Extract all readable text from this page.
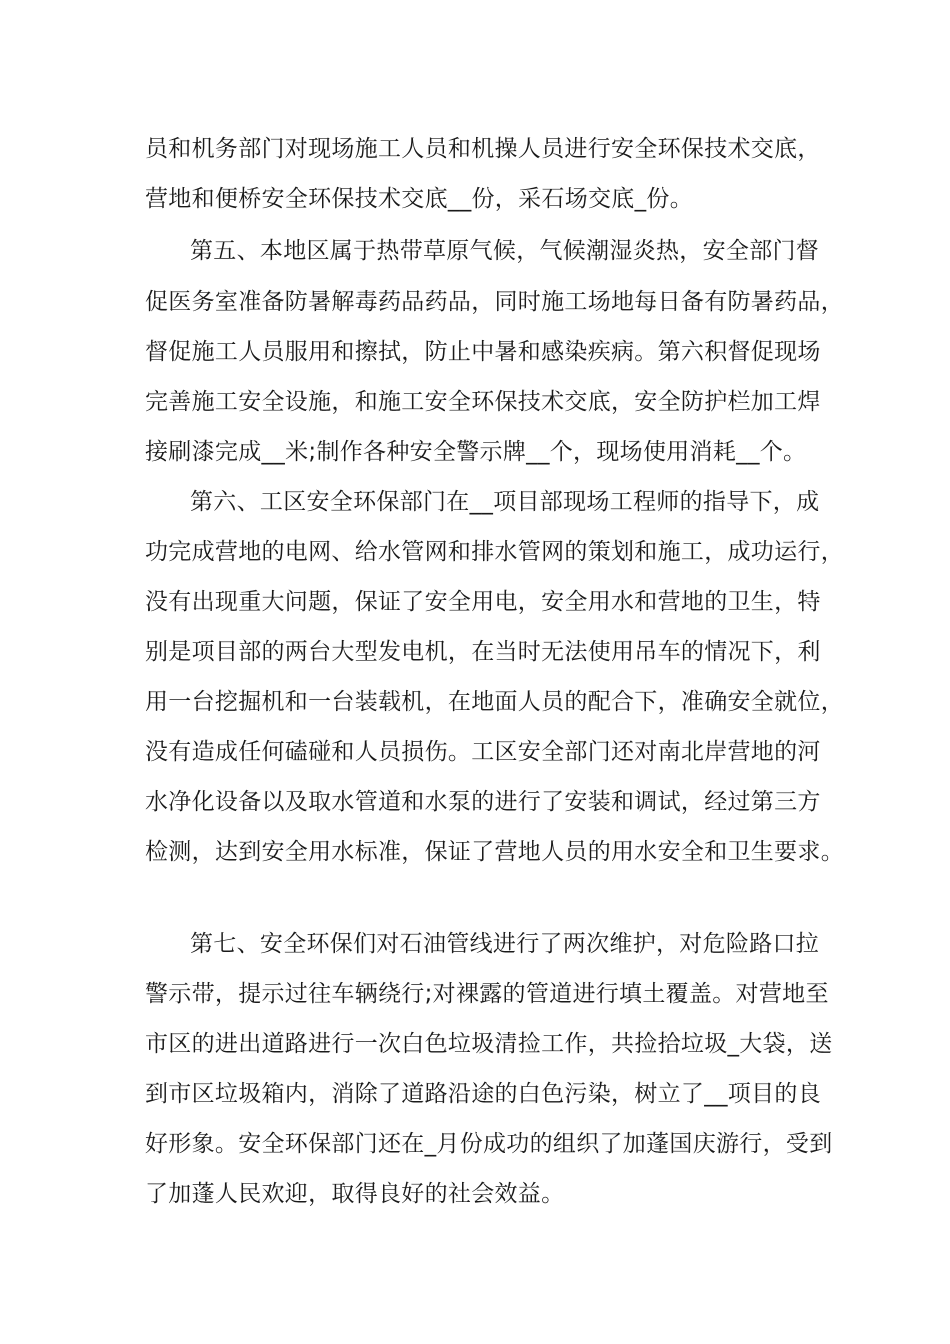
员和机务部门对现场施工人员和机操人员进行安全环保技术交底，
营地和便桥安全环保技术交底__份，采石场交底_份。
第五、本地区属于热带草原气候，气候潮湿炎热，安全部门督
促医务室准备防暑解毒药品药品，同时施工场地每日备有防暑药品，
督促施工人员服用和擦拭，防止中暑和感染疾病。第六积督促现场
完善施工安全设施，和施工安全环保技术交底，安全防护栏加工焊
接刷漆完成__米;制作各种安全警示牌__个，现场使用消耗__个。
第六、工区安全环保部门在__项目部现场工程师的指导下，成
功完成营地的电网、给水管网和排水管网的策划和施工，成功运行，
没有出现重大问题，保证了安全用电，安全用水和营地的卫生，特
别是项目部的两台大型发电机，在当时无法使用吊车的情况下，利
用一台挖掘机和一台装载机，在地面人员的配合下，准确安全就位，
没有造成任何磕碰和人员损伤。工区安全部门还对南北岸营地的河
水净化设备以及取水管道和水泵的进行了安装和调试，经过第三方
检测，达到安全用水标准，保证了营地人员的用水安全和卫生要求。
第七、安全环保们对石油管线进行了两次维护，对危险路口拉
警示带，提示过往车辆绕行;对裸露的管道进行填土覆盖。对营地至
市区的进出道路进行一次白色垃圾清捡工作，共捡拾垃圾_大袋，送
到市区垃圾箱内，消除了道路沿途的白色污染，树立了__项目的良
好形象。安全环保部门还在_月份成功的组织了加蓬国庆游行，受到
了加蓬人民欢迎，取得良好的社会效益。
